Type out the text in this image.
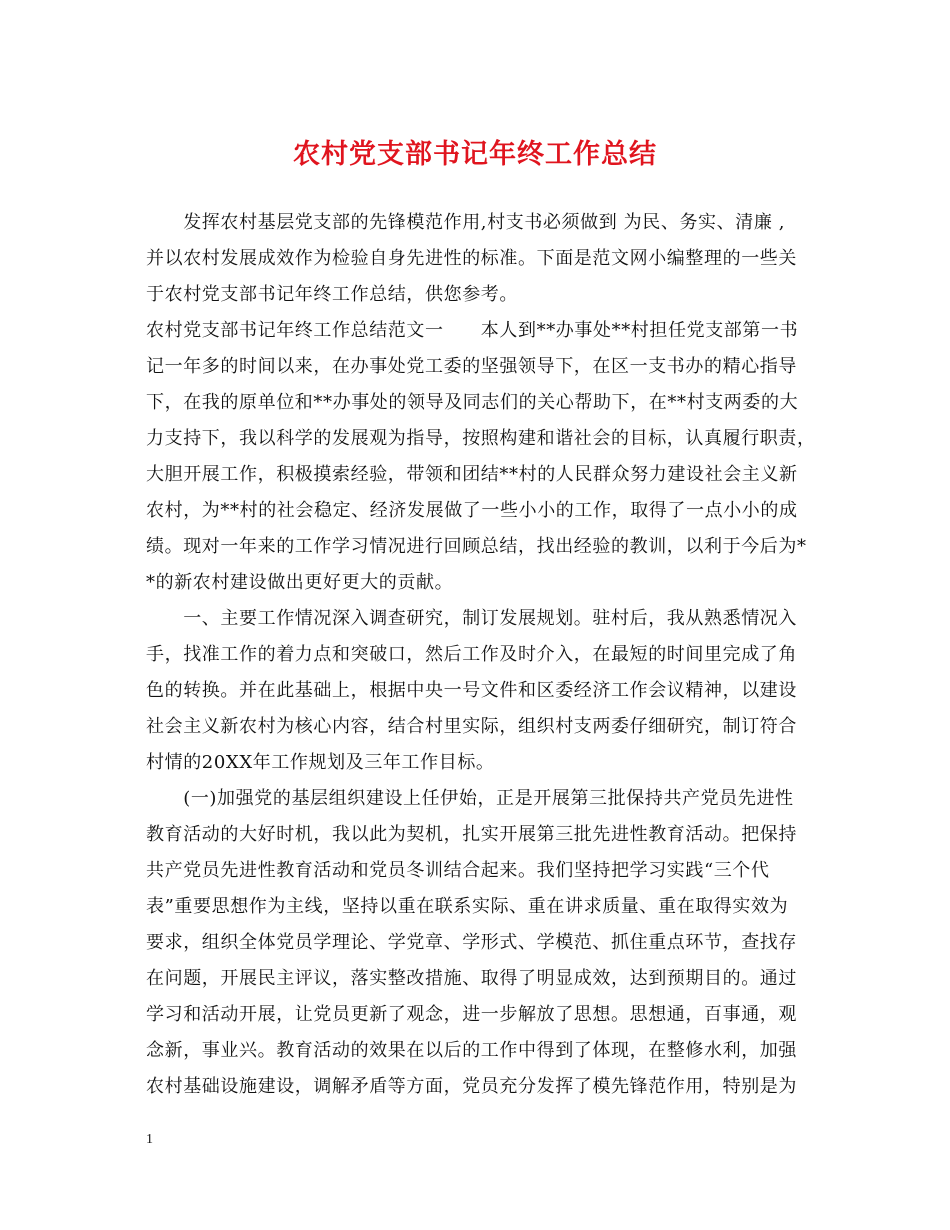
农村党支部书记年终工作总结
　　发挥农村基层党支部的先锋模范作用,村支书必须做到 为民、务实、清廉 ,
并以农村发展成效作为检验自身先进性的标准。下面是范文网小编整理的一些关
于农村党支部书记年终工作总结，供您参考。
农村党支部书记年终工作总结范文一　　本人到**办事处**村担任党支部第一书
记一年多的时间以来，在办事处党工委的坚强领导下，在区一支书办的精心指导
下，在我的原单位和**办事处的领导及同志们的关心帮助下，在**村支两委的大
力支持下，我以科学的发展观为指导，按照构建和谐社会的目标，认真履行职责，
大胆开展工作，积极摸索经验，带领和团结**村的人民群众努力建设社会主义新
农村，为**村的社会稳定、经济发展做了一些小小的工作，取得了一点小小的成
绩。现对一年来的工作学习情况进行回顾总结，找出经验的教训，以利于今后为*
*的新农村建设做出更好更大的贡献。
　　一、主要工作情况深入调查研究，制订发展规划。驻村后，我从熟悉情况入
手，找准工作的着力点和突破口，然后工作及时介入，在最短的时间里完成了角
色的转换。并在此基础上，根据中央一号文件和区委经济工作会议精神，以建设
社会主义新农村为核心内容，结合村里实际，组织村支两委仔细研究，制订符合
村情的20XX年工作规划及三年工作目标。
　　(一)加强党的基层组织建设上任伊始，正是开展第三批保持共产党员先进性
教育活动的大好时机，我以此为契机，扎实开展第三批先进性教育活动。把保持
共产党员先进性教育活动和党员冬训结合起来。我们坚持把学习实践“三个代
表”重要思想作为主线，坚持以重在联系实际、重在讲求质量、重在取得实效为
要求，组织全体党员学理论、学党章、学形式、学模范、抓住重点环节，查找存
在问题，开展民主评议，落实整改措施、取得了明显成效，达到预期目的。通过
学习和活动开展，让党员更新了观念，进一步解放了思想。思想通，百事通，观
念新，事业兴。教育活动的效果在以后的工作中得到了体现，在整修水利，加强
农村基础设施建设，调解矛盾等方面，党员充分发挥了模先锋范作用，特别是为
1
